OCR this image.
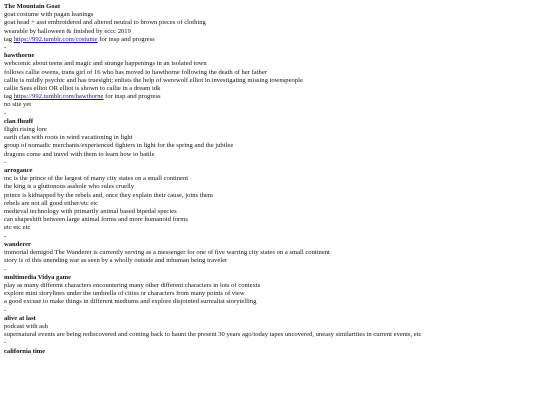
The Mountain Goat
goat costume with pagan leanings
goat head + asst embroidered and altered neutral to brown pieces of clothing
wearable by halloween & finished by eccc 2019
tag https://992.tumblr.com/costume for insp and progress
-
hawthorne
webcomic about teens and magic and strange happenings in an isolated town
follows callie owens, trans girl of 16 who has moved to hawthorne following the death of her father
callie is mildly psychic and has truesight; enlists the help of werewolf elliot in investigating missing townspeople
callie Sees elliot OR elliot is shown to callie in a dream idk
tag https://992.tumblr.com/hawthorne for insp and progress
no site yet
-
clan fluuff
flight rising lore
earth clan with roots in wind vacationing in light
group of nomadic merchants/experienced fighters in light for the spring and the jubilee
dragons come and travel with them to learn how to battle
-
arrogance
mc is the prince of the largest of many city states on a small continent
the king is a gluttonous asshole who rules cruelly
prince is kidnapped by the rebels and, once they explain their cause, joins them
rebels are not all good either/etc etc
medieval technology with primarily animal based bipedal species
can shapeshift between large animal forms and more humanoid forms
etc etc etc
-
wanderer
immortal demigod The Wanderer is currently serving as a messenger for one of five warring city states on a small continent
story is of this unending war as seen by a wholly outside and inhuman being traveler
-
multimedia Vidya game
play as many different characters encountering many other different characters in lots of contexts
explore mini storylines under the umbrella of cities or characters from many points of view
a good excuse to make things in different mediums and explore disjointed surrealist storytelling
-
alive at last
podcast with ash
supernatural events are being rediscovered and coming back to haunt the present 30 years ago/today tapes uncovered, uneasy similarities in current events, etc
-
california time
